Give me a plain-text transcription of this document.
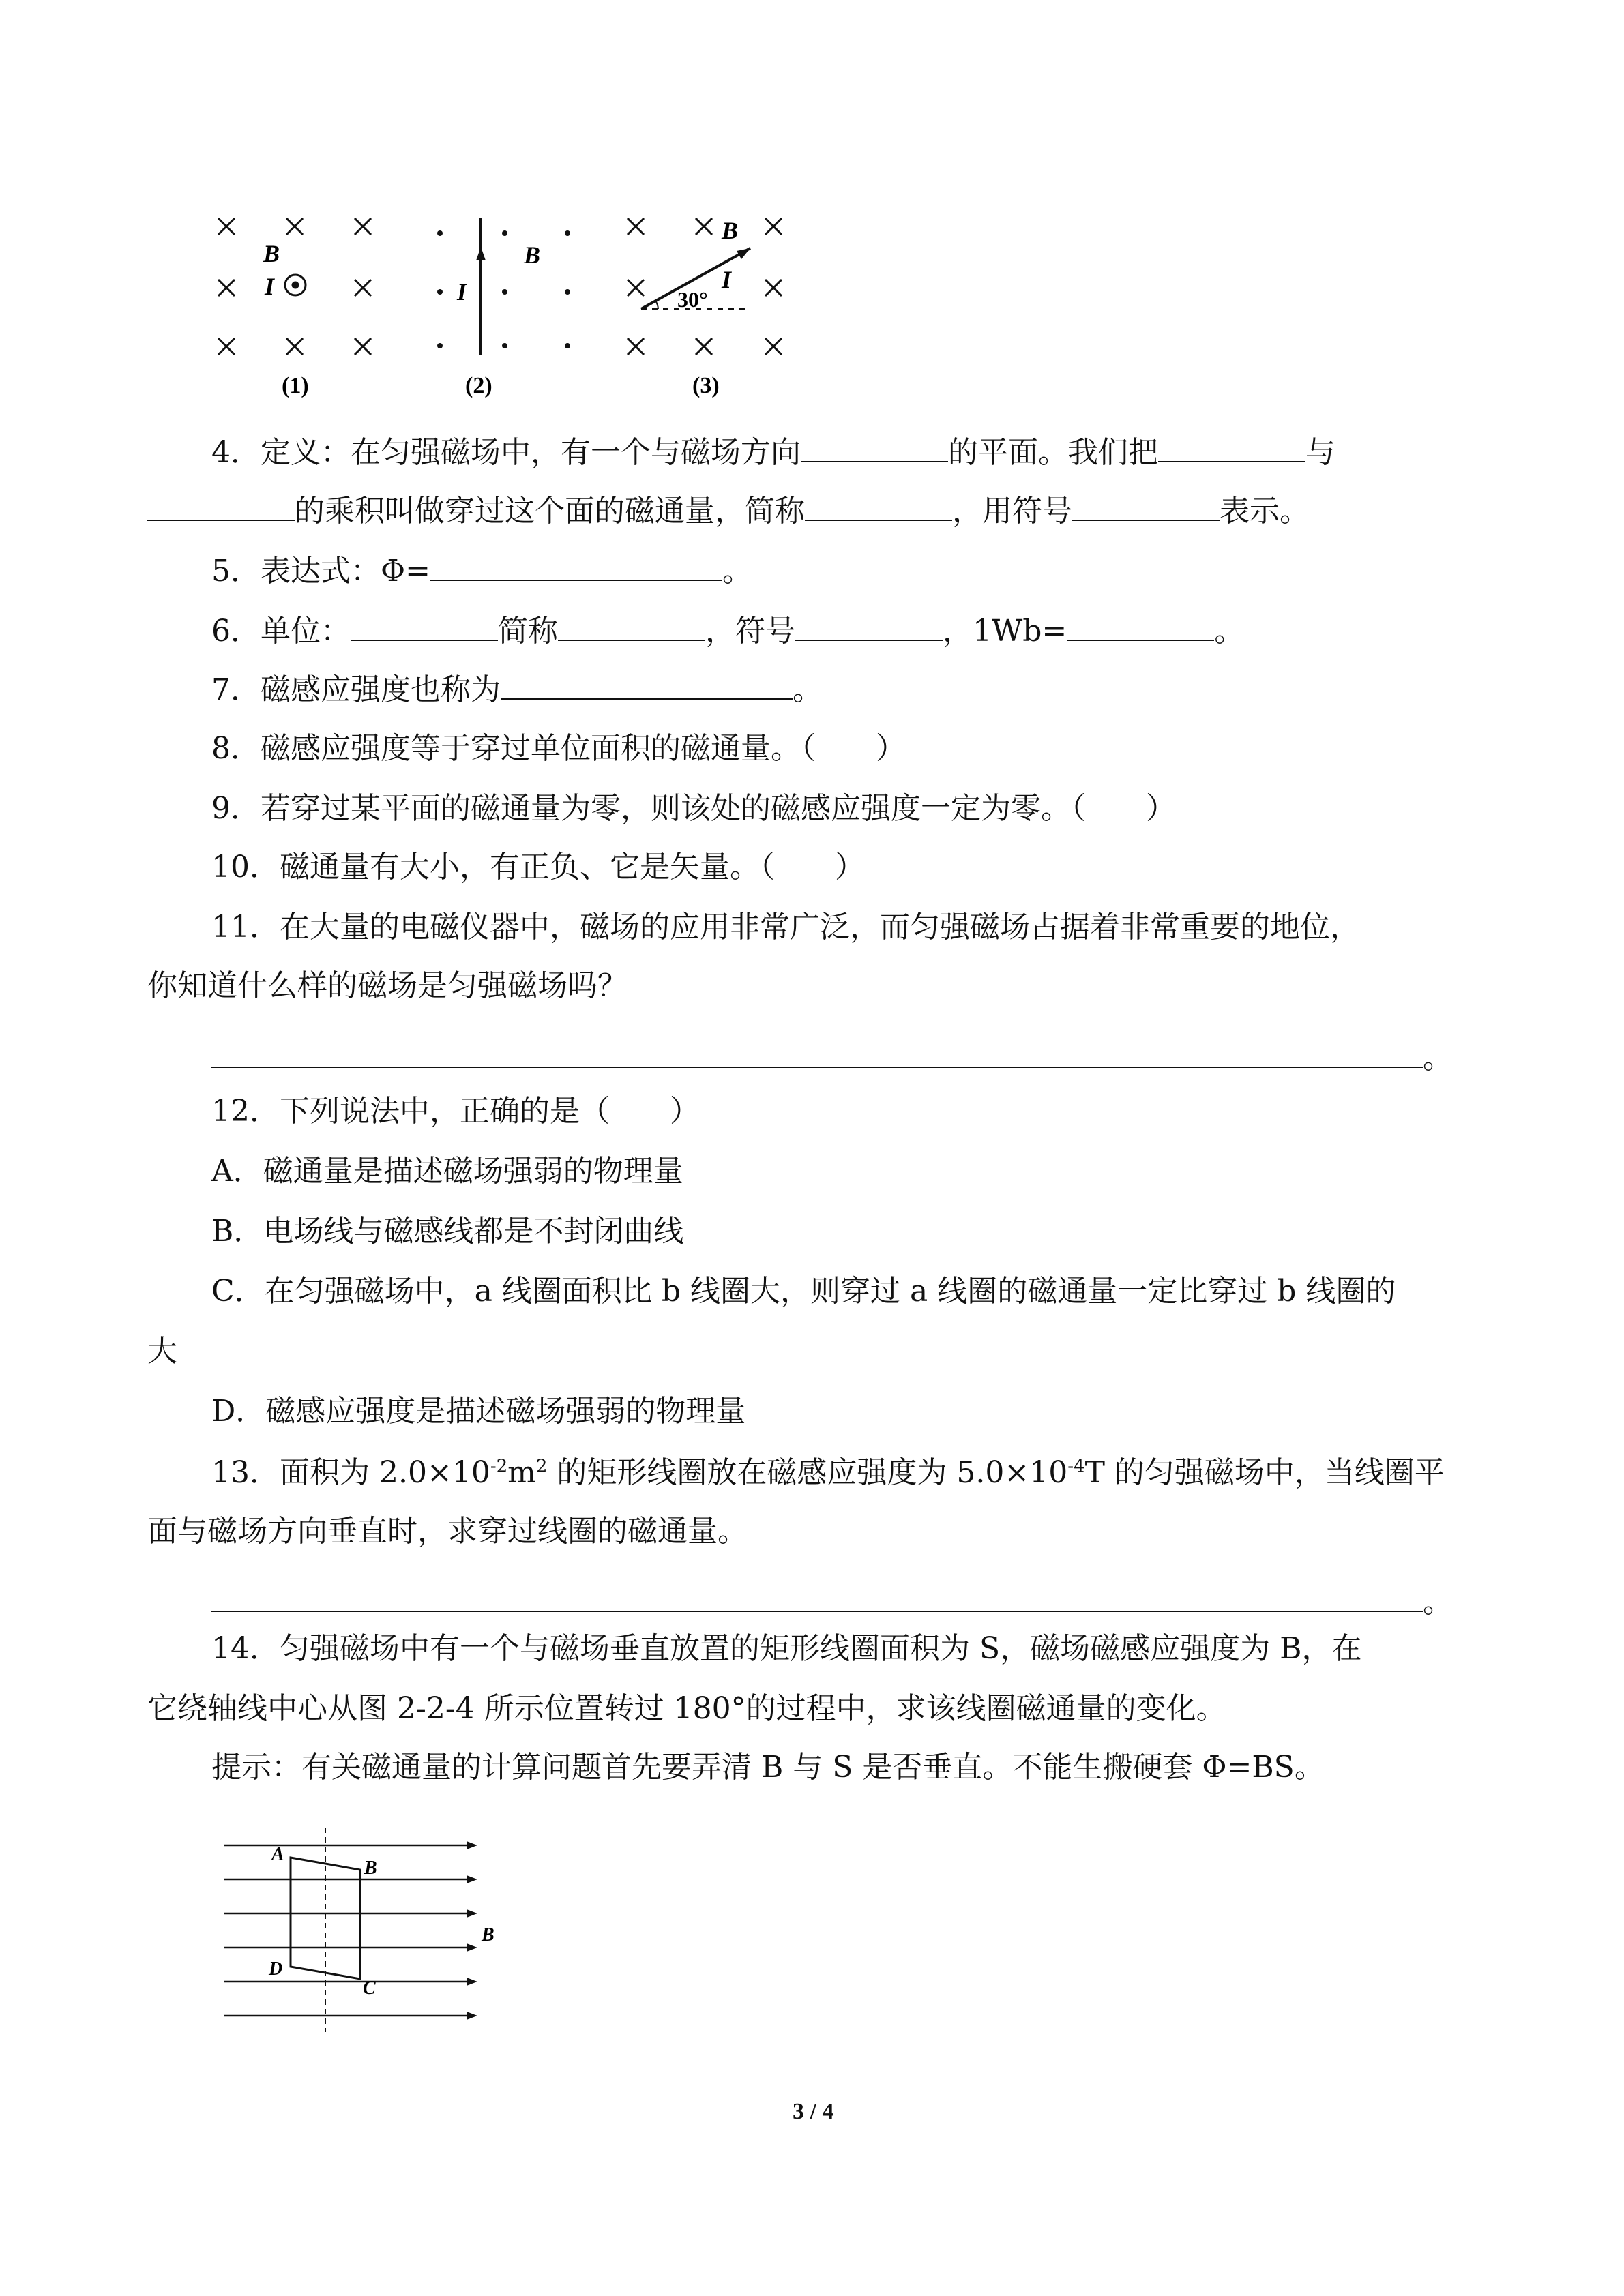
B
I
(1)
I
B
(2)
B
I
30°
(3)
4．定义：在匀强磁场中，有一个与磁场方向	的平面。我们把	与
的乘积叫做穿过这个面的磁通量，简称	，用符号	表示。
5．表达式：Φ=	。
6．单位：	简称	，符号	，1Wb=	。
7．磁感应强度也称为	。
8．磁感应强度等于穿过单位面积的磁通量。（　　）
9．若穿过某平面的磁通量为零，则该处的磁感应强度一定为零。（　　）
10．磁通量有大小，有正负、它是矢量。（　　）
11．在大量的电磁仪器中，磁场的应用非常广泛，而匀强磁场占据着非常重要的地位，
你知道什么样的磁场是匀强磁场吗？
。
12．下列说法中，正确的是（　　）
A．磁通量是描述磁场强弱的物理量
B．电场线与磁感线都是不封闭曲线
C．在匀强磁场中，a 线圈面积比 b 线圈大，则穿过 a 线圈的磁通量一定比穿过 b 线圈的
大
D．磁感应强度是描述磁场强弱的物理量
13．面积为 $2.0\times 10^{-2}m^2$ 的矩形线圈放在磁感应强度为 $5.0\times 10^{-4}T$ 的匀强磁场中，当线圈平
面与磁场方向垂直时，求穿过线圈的磁通量。
。
14．匀强磁场中有一个与磁场垂直放置的矩形线圈面积为 S，磁场磁感应强度为 B，在
它绕轴线中心从图 2-2-4 所示位置转过 180°的过程中，求该线圈磁通量的变化。
提示：有关磁通量的计算问题首先要弄清 B 与 S 是否垂直。不能生搬硬套 Φ=BS。
A
B
C
D
B
3 / 4
